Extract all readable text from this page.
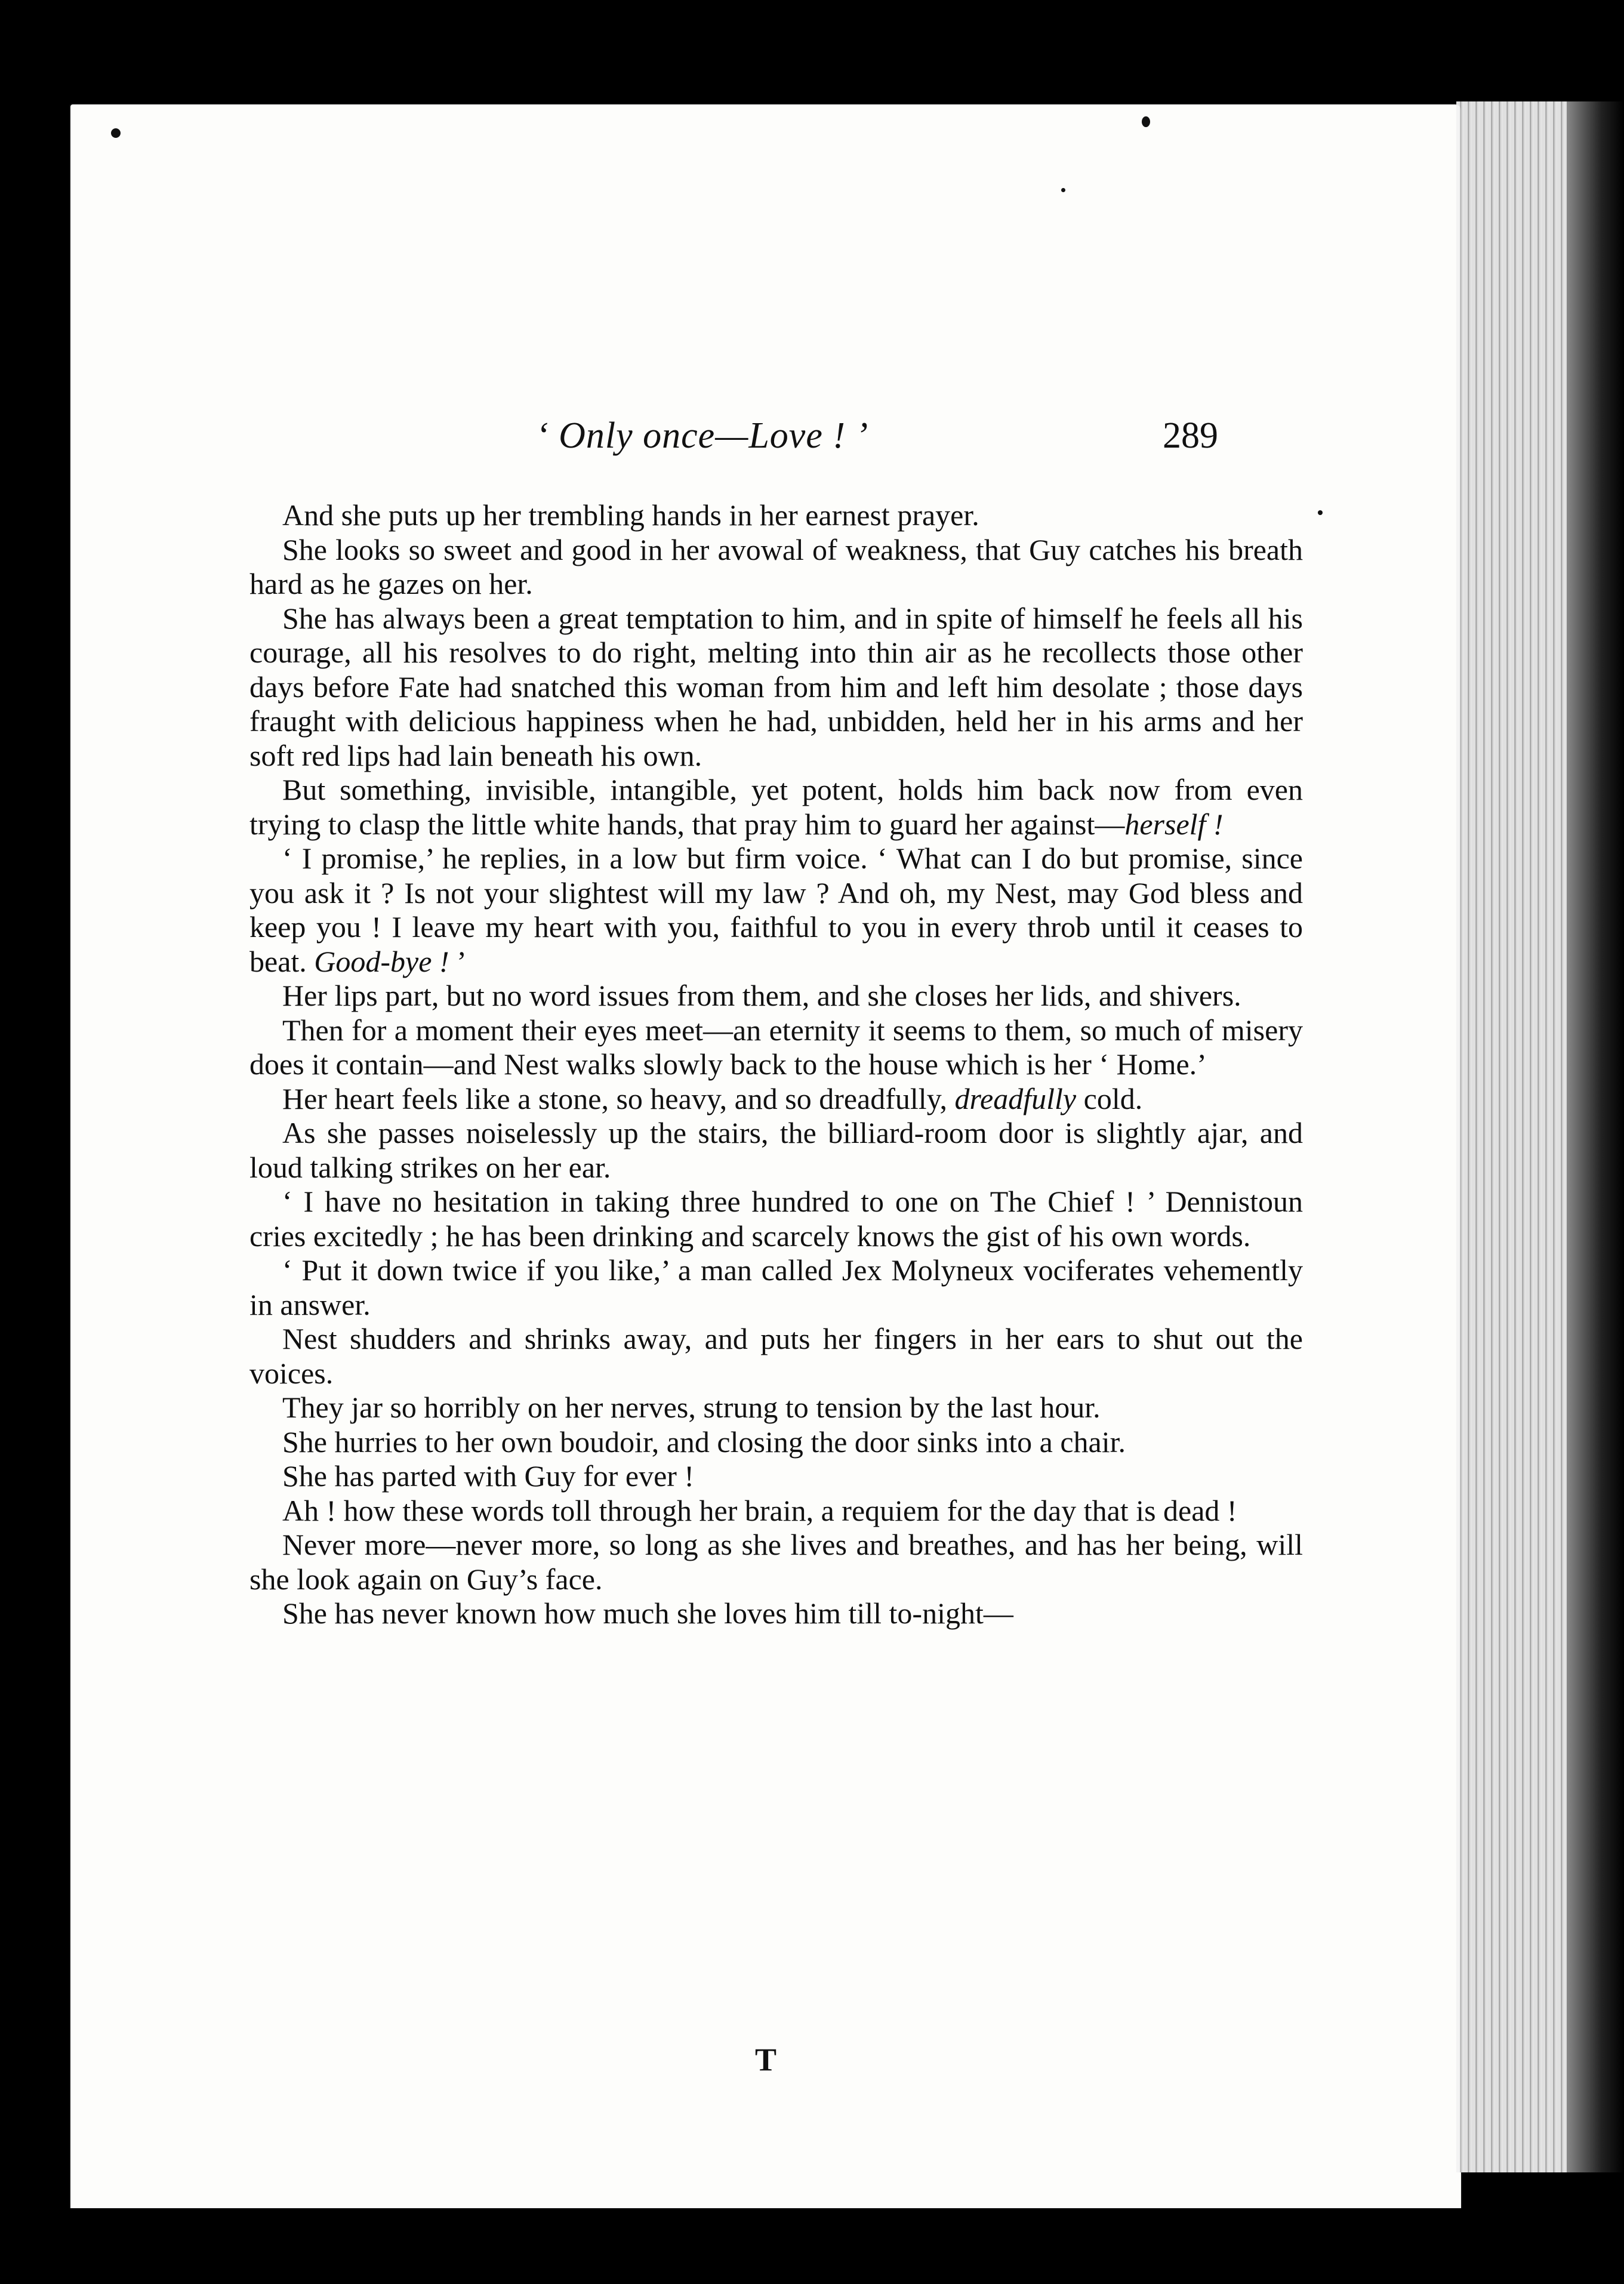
‘ Only once—Love ! ’	289

And she puts up her trembling hands in her earnest prayer.

She looks so sweet and good in her avowal of weakness, that Guy catches his breath hard as he gazes on her.

She has always been a great temptation to him, and in spite of himself he feels all his courage, all his resolves to do right, melting into thin air as he recollects those other days before Fate had snatched this woman from him and left him desolate ; those days fraught with delicious happiness when he had, unbidden, held her in his arms and her soft red lips had lain beneath his own.

But something, invisible, intangible, yet potent, holds him back now from even trying to clasp the little white hands, that pray him to guard her against—herself !

‘ I promise,’ he replies, in a low but firm voice. ‘ What can I do but promise, since you ask it ? Is not your slightest will my law ? And oh, my Nest, may God bless and keep you ! I leave my heart with you, faithful to you in every throb until it ceases to beat. Good-bye ! ’

Her lips part, but no word issues from them, and she closes her lids, and shivers.

Then for a moment their eyes meet—an eternity it seems to them, so much of misery does it contain—and Nest walks slowly back to the house which is her ‘ Home.’

Her heart feels like a stone, so heavy, and so dreadfully, dreadfully cold.

As she passes noiselessly up the stairs, the billiard-room door is slightly ajar, and loud talking strikes on her ear.

‘ I have no hesitation in taking three hundred to one on The Chief ! ’ Dennistoun cries excitedly ; he has been drinking and scarcely knows the gist of his own words.

‘ Put it down twice if you like,’ a man called Jex Molyneux vociferates vehemently in answer.

Nest shudders and shrinks away, and puts her fingers in her ears to shut out the voices.

They jar so horribly on her nerves, strung to tension by the last hour.

She hurries to her own boudoir, and closing the door sinks into a chair.

She has parted with Guy for ever !

Ah ! how these words toll through her brain, a requiem for the day that is dead !

Never more—never more, so long as she lives and breathes, and has her being, will she look again on Guy’s face.

She has never known how much she loves him till to-night—

T
